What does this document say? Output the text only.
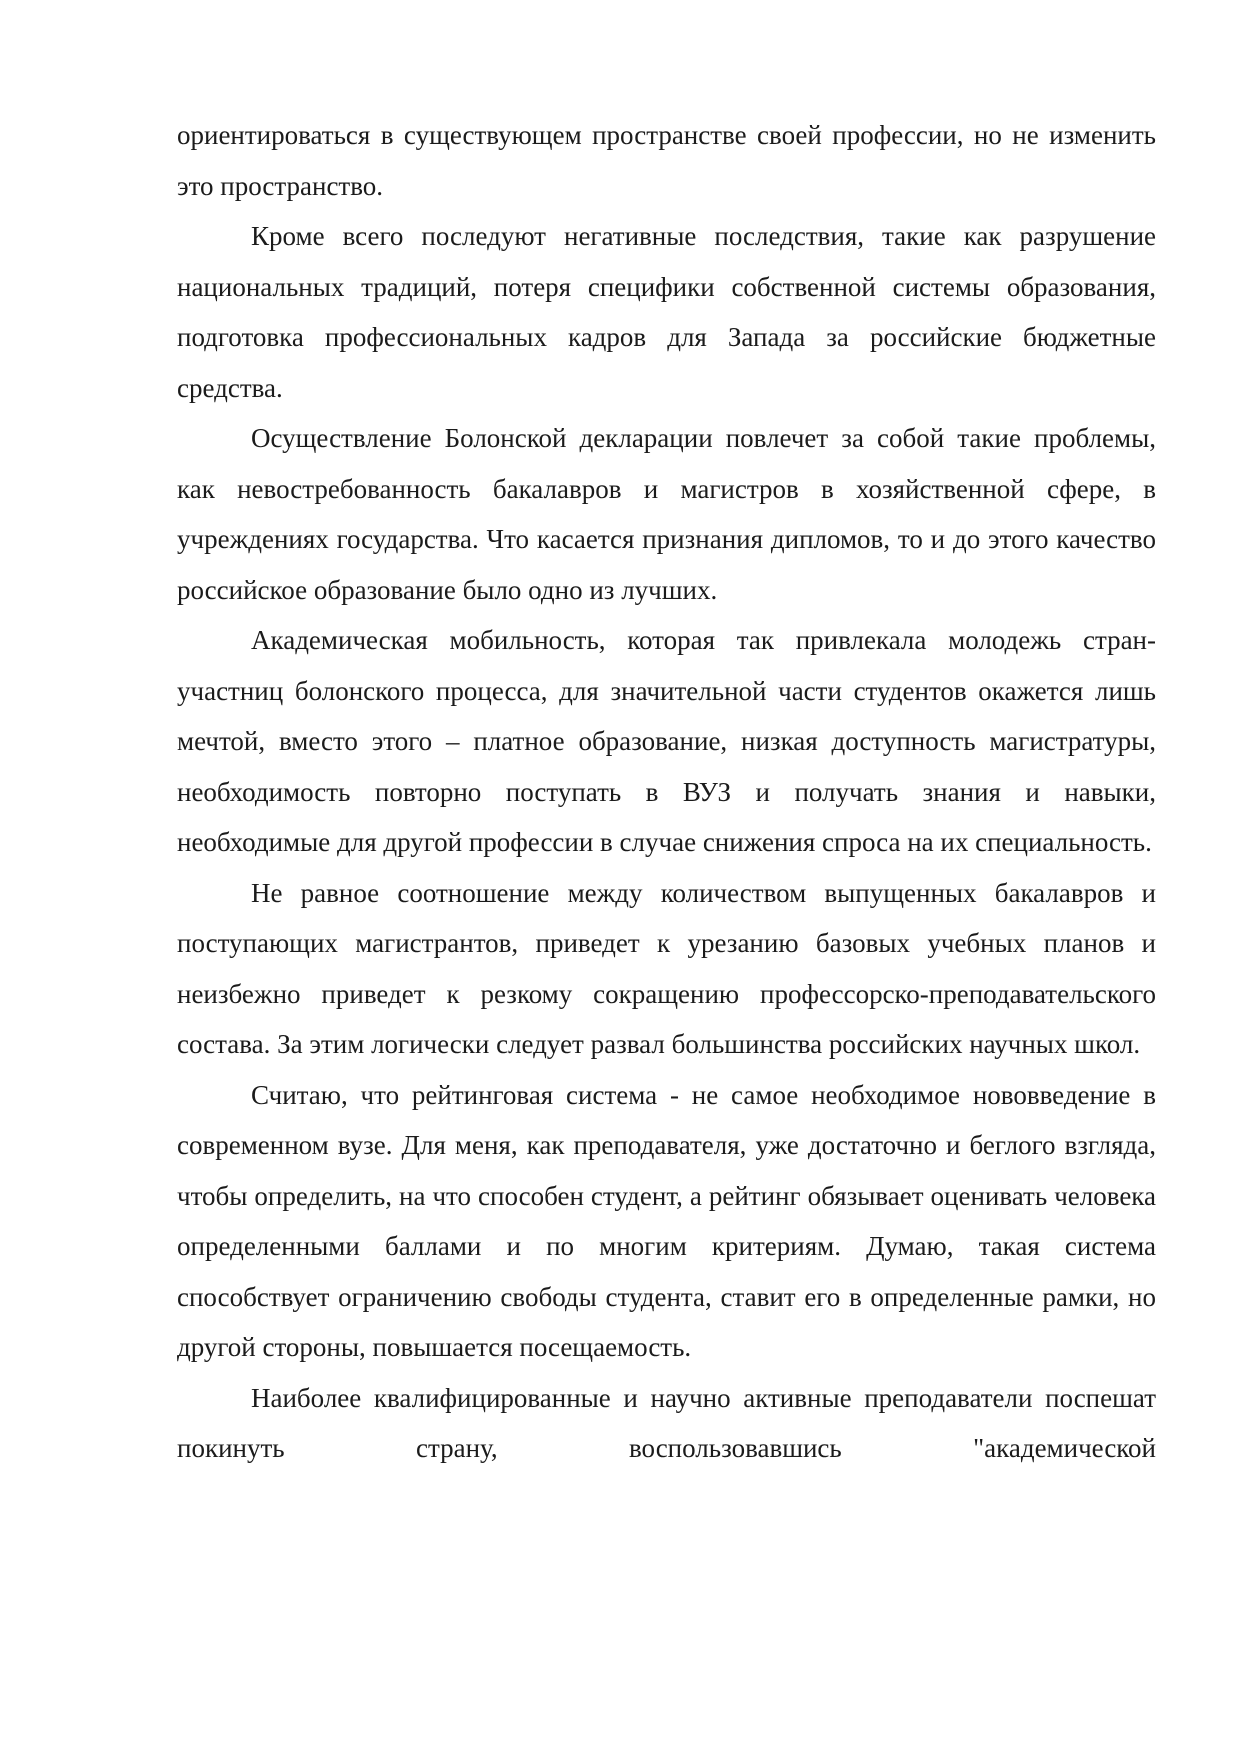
ориентироваться в существующем пространстве своей профессии, но не изменить это пространство.

Кроме всего последуют негативные последствия, такие как разрушение национальных традиций, потеря специфики собственной системы образования, подготовка профессиональных кадров для Запада за российские бюджетные средства.

Осуществление Болонской декларации повлечет за собой такие проблемы, как невостребованность бакалавров и магистров в хозяйственной сфере, в учреждениях государства. Что касается признания дипломов, то и до этого качество российское образование было одно из лучших.

Академическая мобильность, которая так привлекала молодежь стран-участниц болонского процесса, для значительной части студентов окажется лишь мечтой, вместо этого – платное образование, низкая доступность магистратуры, необходимость повторно поступать в ВУЗ и получать знания и навыки, необходимые для другой профессии в случае снижения спроса на их специальность.

Не равное соотношение между количеством выпущенных бакалавров и поступающих магистрантов, приведет к урезанию базовых учебных планов и неизбежно приведет к резкому сокращению профессорско-преподавательского состава. За этим логически следует развал большинства российских научных школ.

Считаю, что рейтинговая система - не самое необходимое нововведение в современном вузе. Для меня, как преподавателя, уже достаточно и беглого взгляда, чтобы определить, на что способен студент, а рейтинг обязывает оценивать человека определенными баллами и по многим критериям. Думаю, такая система способствует ограничению свободы студента, ставит его в определенные рамки, но другой стороны, повышается посещаемость.

Наиболее квалифицированные и научно активные преподаватели поспешат покинуть страну, воспользовавшись "академической
